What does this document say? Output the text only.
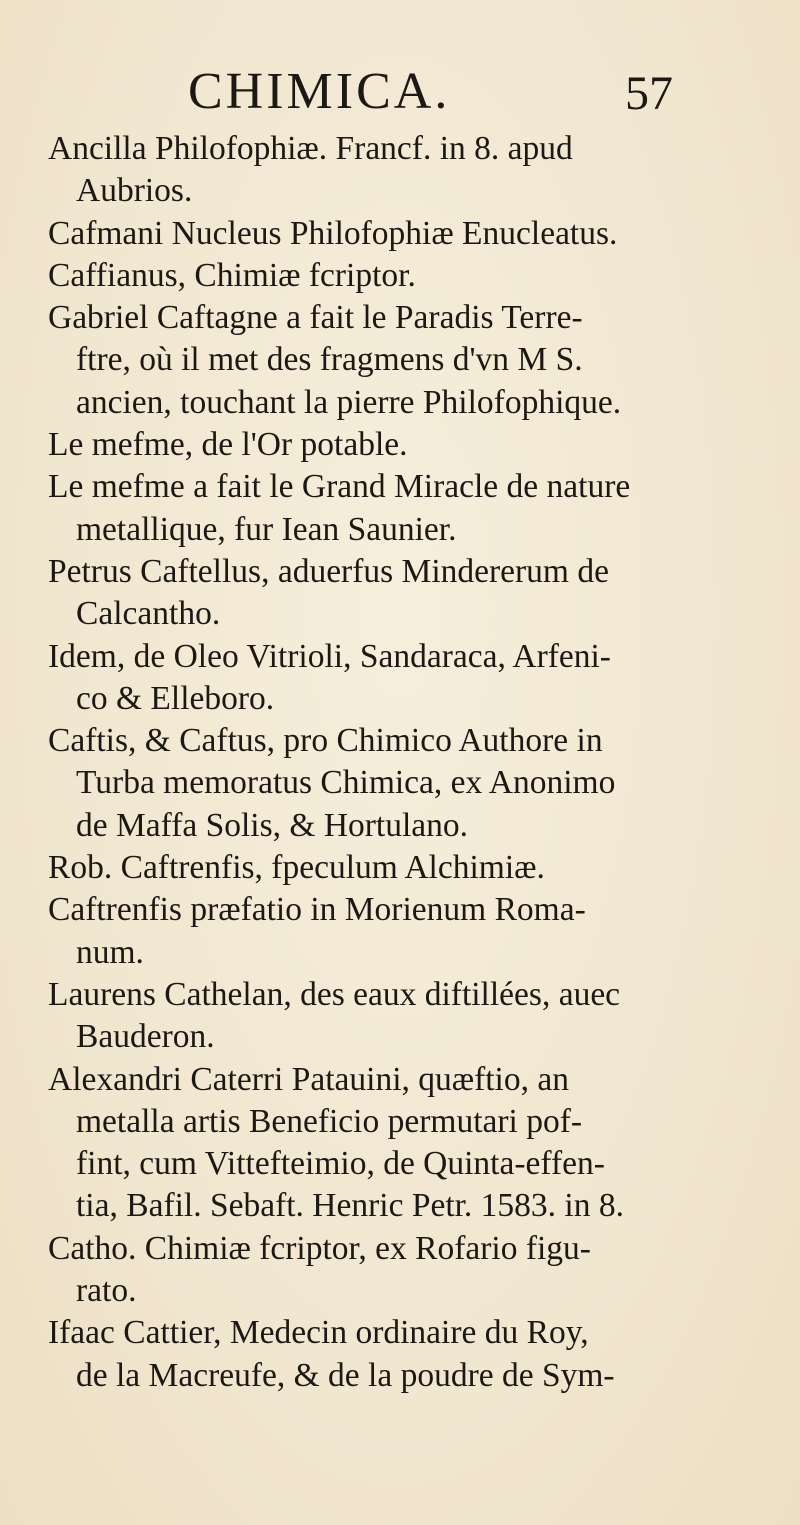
CHIMICA.	57
Ancilla Philofophiæ. Francf. in 8. apud
Aubrios.
Cafmani Nucleus Philofophiæ Enucleatus.
Caffianus, Chimiæ fcriptor.
Gabriel Caftagne a fait le Paradis Terre-
ftre, où il met des fragmens d'vn M S.
ancien, touchant la pierre Philofophique.
Le mefme, de l'Or potable.
Le mefme a fait le Grand Miracle de nature
metallique, fur Iean Saunier.
Petrus Caftellus, aduerfus Mindererum de
Calcantho.
Idem, de Oleo Vitrioli, Sandaraca, Arfeni-
co & Elleboro.
Caftis, & Caftus, pro Chimico Authore in
Turba memoratus Chimica, ex Anonimo
de Maffa Solis, & Hortulano.
Rob. Caftrenfis, fpeculum Alchimiæ.
Caftrenfis præfatio in Morienum Roma-
num.
Laurens Cathelan, des eaux diftillées, auec
Bauderon.
Alexandri Caterri Patauini, quæftio, an
metalla artis Beneficio permutari pof-
fint, cum Vittefteimio, de Quinta-effen-
tia, Bafil. Sebaft. Henric Petr. 1583. in 8.
Catho. Chimiæ fcriptor, ex Rofario figu-
rato.
Ifaac Cattier, Medecin ordinaire du Roy,
de la Macreufe, & de la poudre de Sym-
